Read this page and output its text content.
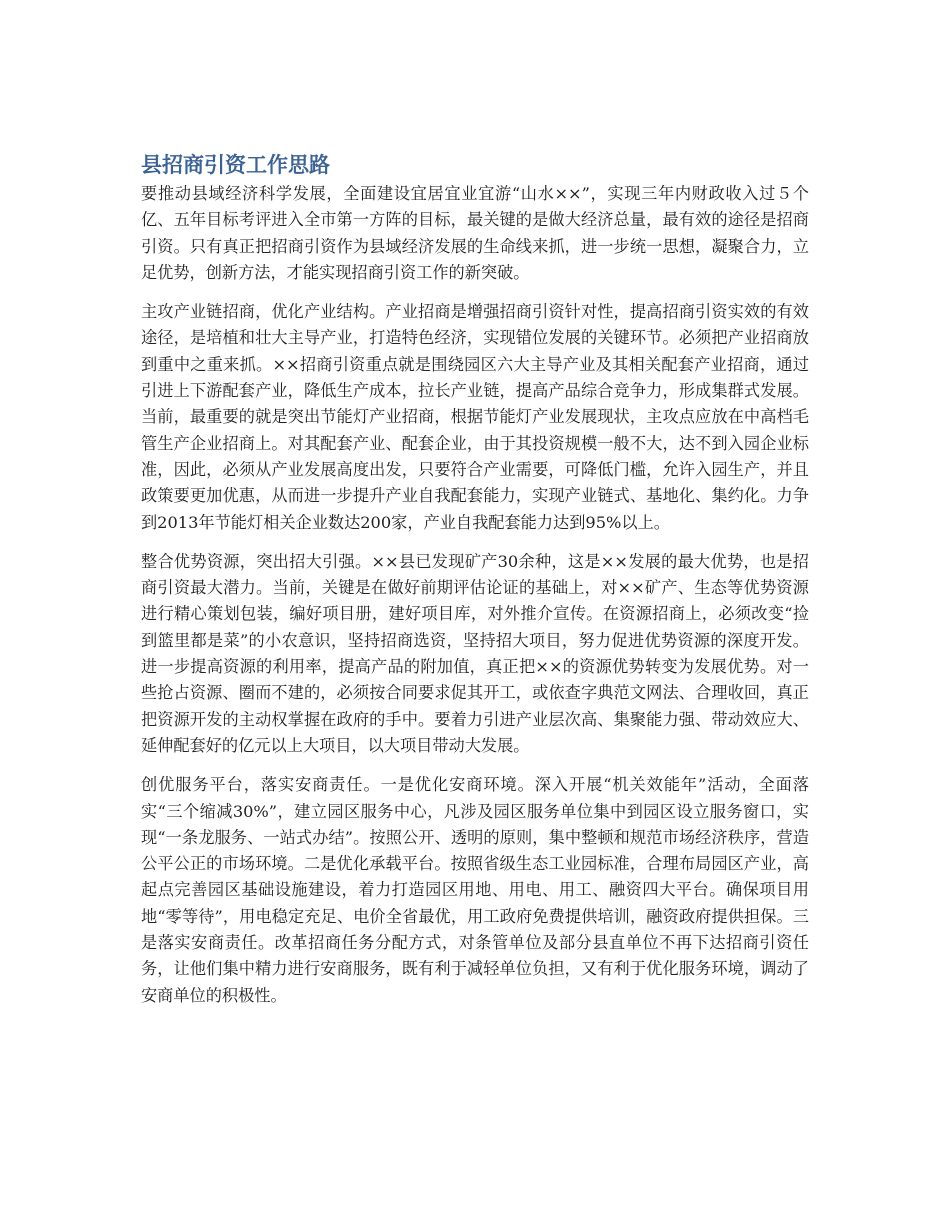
县招商引资工作思路

要推动县域经济科学发展，全面建设宜居宜业宜游“山水××”，实现三年内财政收入过５个亿、五年目标考评进入全市第一方阵的目标，最关键的是做大经济总量，最有效的途径是招商引资。只有真正把招商引资作为县域经济发展的生命线来抓，进一步统一思想，凝聚合力，立足优势，创新方法，才能实现招商引资工作的新突破。

主攻产业链招商，优化产业结构。产业招商是增强招商引资针对性，提高招商引资实效的有效途径，是培植和壮大主导产业，打造特色经济，实现错位发展的关键环节。必须把产业招商放到重中之重来抓。××招商引资重点就是围绕园区六大主导产业及其相关配套产业招商，通过引进上下游配套产业，降低生产成本，拉长产业链，提高产品综合竞争力，形成集群式发展。当前，最重要的就是突出节能灯产业招商，根据节能灯产业发展现状，主攻点应放在中高档毛管生产企业招商上。对其配套产业、配套企业，由于其投资规模一般不大，达不到入园企业标准，因此，必须从产业发展高度出发，只要符合产业需要，可降低门槛，允许入园生产，并且政策要更加优惠，从而进一步提升产业自我配套能力，实现产业链式、基地化、集约化。力争到2013年节能灯相关企业数达200家，产业自我配套能力达到95%以上。

整合优势资源，突出招大引强。××县已发现矿产30余种，这是××发展的最大优势，也是招商引资最大潜力。当前，关键是在做好前期评估论证的基础上，对××矿产、生态等优势资源进行精心策划包装，编好项目册，建好项目库，对外推介宣传。在资源招商上，必须改变“捡到篮里都是菜”的小农意识，坚持招商选资，坚持招大项目，努力促进优势资源的深度开发。进一步提高资源的利用率，提高产品的附加值，真正把××的资源优势转变为发展优势。对一些抢占资源、圈而不建的，必须按合同要求促其开工，或依查字典范文网法、合理收回，真正把资源开发的主动权掌握在政府的手中。要着力引进产业层次高、集聚能力强、带动效应大、延伸配套好的亿元以上大项目，以大项目带动大发展。

创优服务平台，落实安商责任。一是优化安商环境。深入开展“机关效能年”活动，全面落实“三个缩减30%”，建立园区服务中心，凡涉及园区服务单位集中到园区设立服务窗口，实现“一条龙服务、一站式办结”。按照公开、透明的原则，集中整顿和规范市场经济秩序，营造公平公正的市场环境。二是优化承载平台。按照省级生态工业园标准，合理布局园区产业，高起点完善园区基础设施建设，着力打造园区用地、用电、用工、融资四大平台。确保项目用地“零等待”，用电稳定充足、电价全省最优，用工政府免费提供培训，融资政府提供担保。三是落实安商责任。改革招商任务分配方式，对条管单位及部分县直单位不再下达招商引资任务，让他们集中精力进行安商服务，既有利于减轻单位负担，又有利于优化服务环境，调动了安商单位的积极性。
